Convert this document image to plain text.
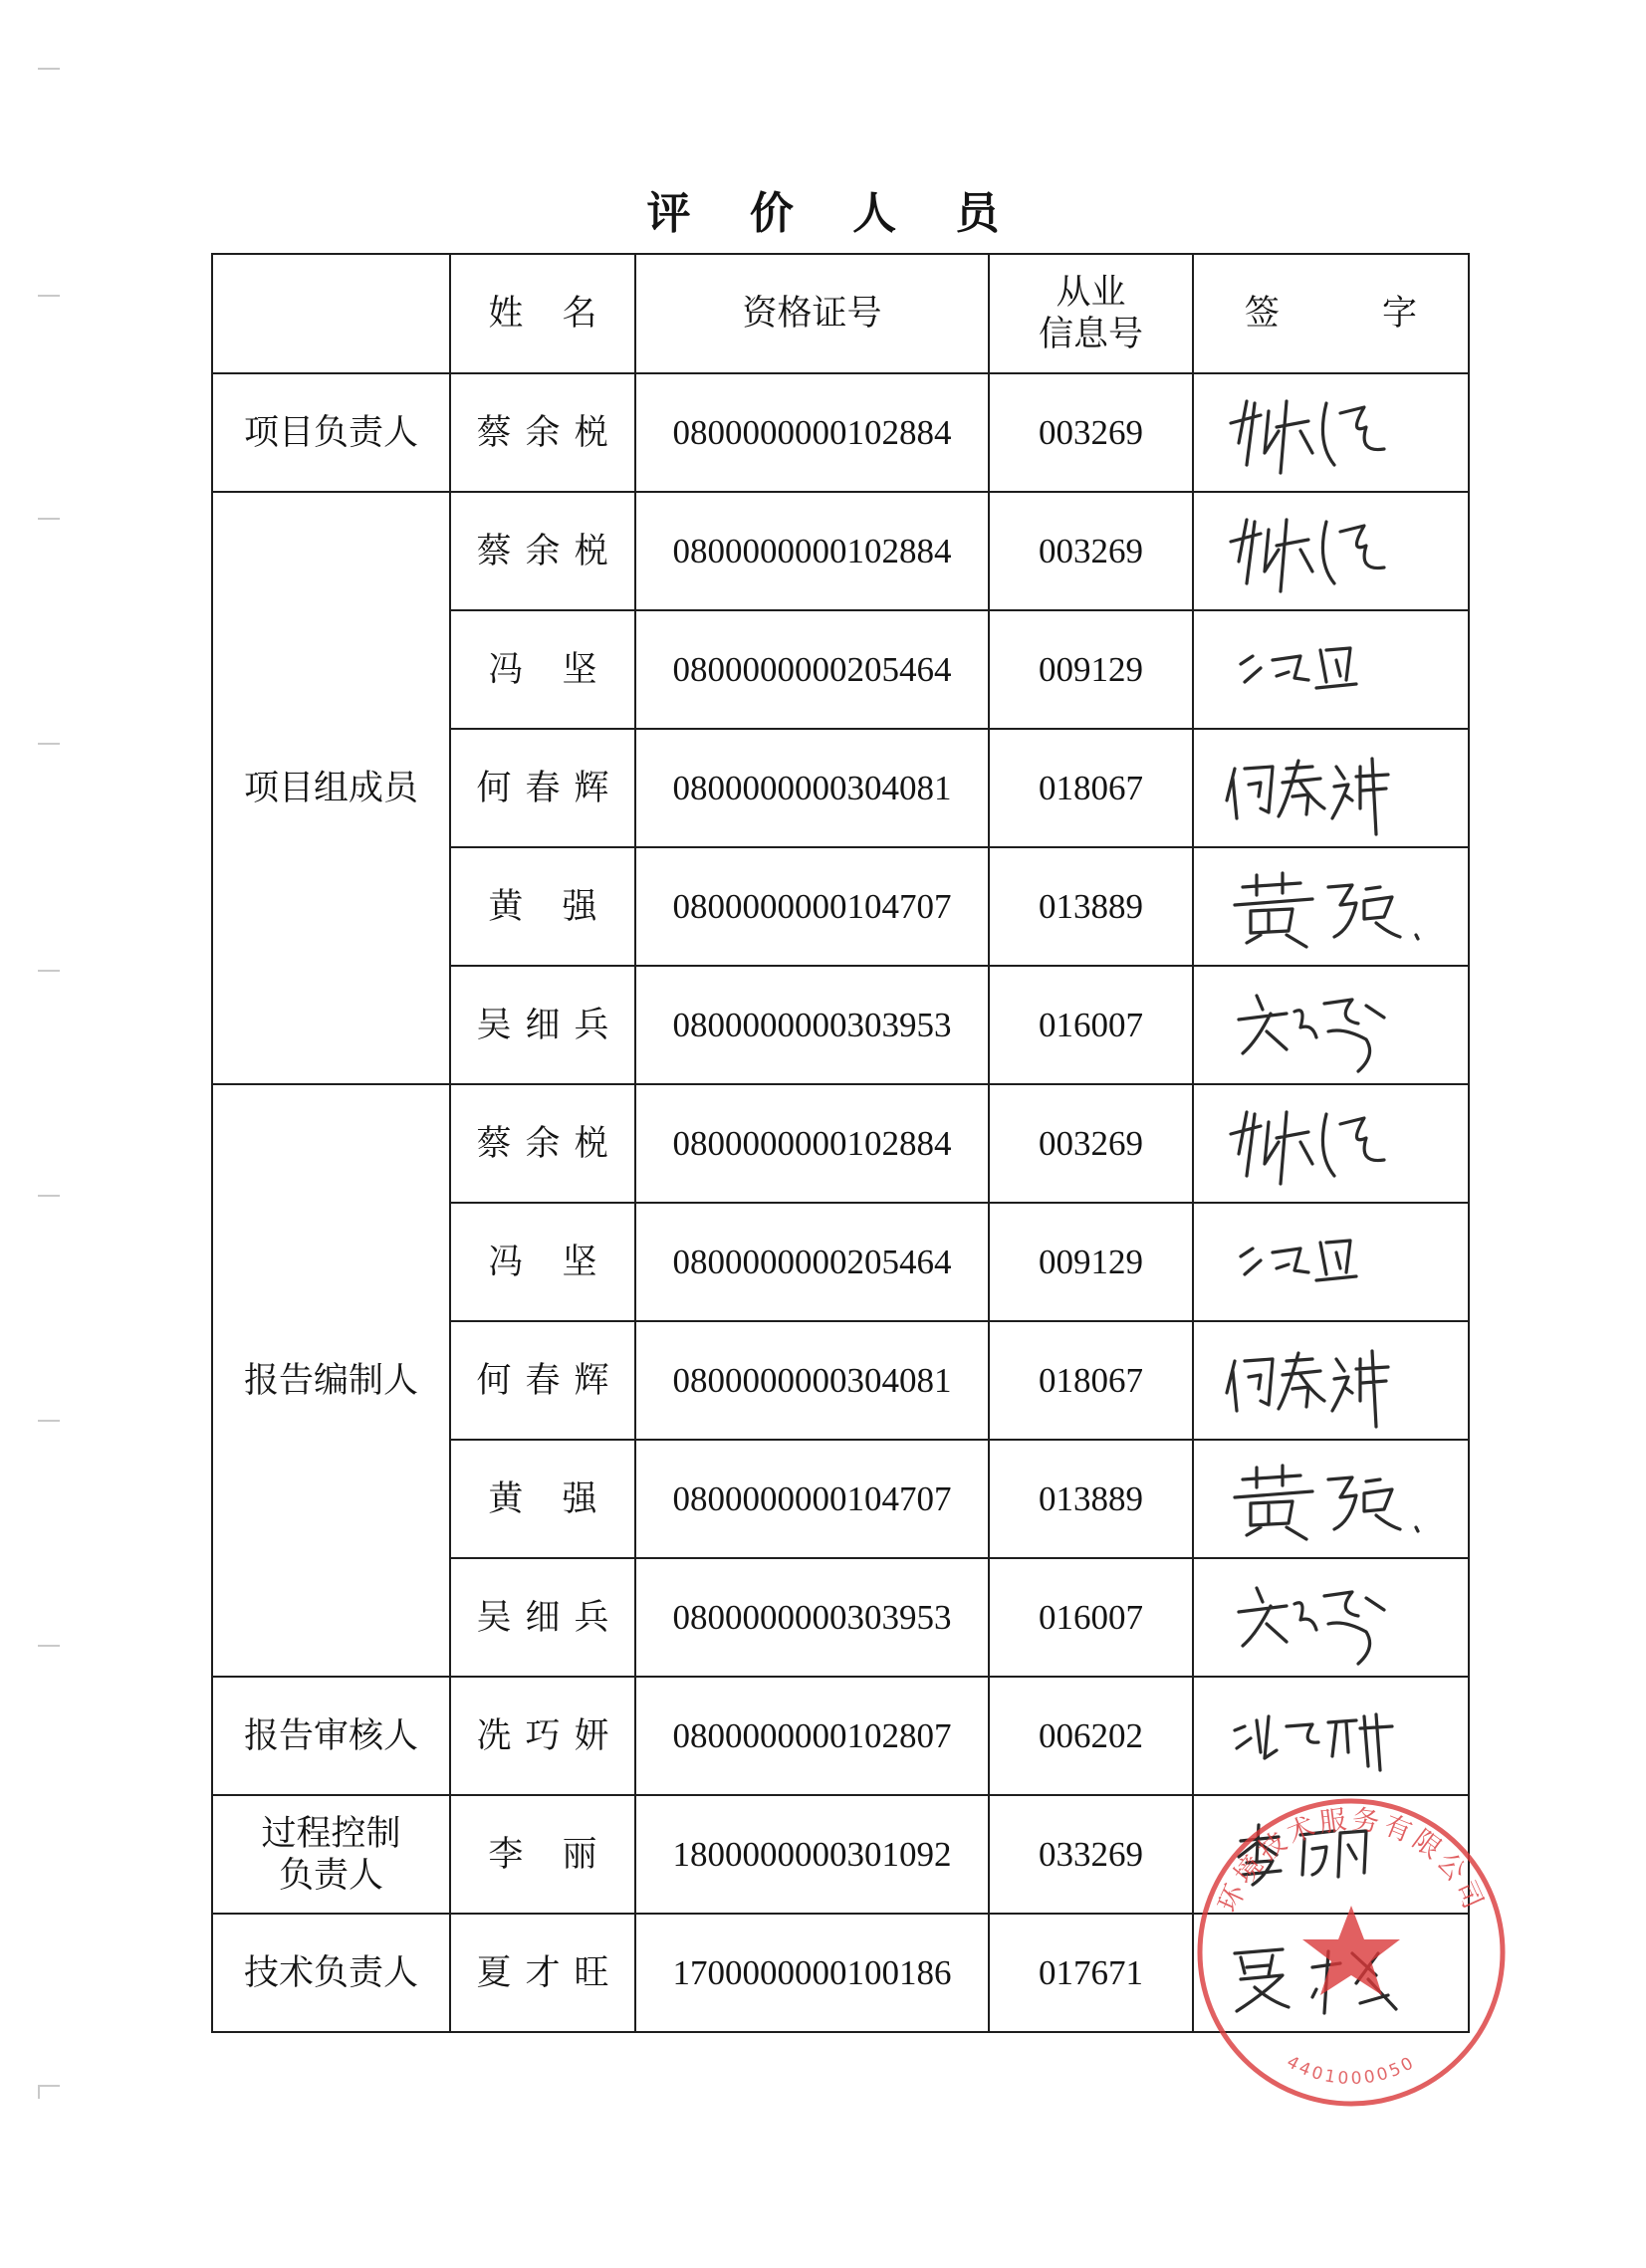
评 价 人 员
	姓 名	资格证号	从业
信息号	签 字
项目负责人	蔡余棁	0800000000102884	003269	

项目组成员	蔡余棁	0800000000102884	003269	

	冯 坚	0800000000205464	009129	

	何春辉	0800000000304081	018067	

	黄 强	0800000000104707	013889	

	吴细兵	0800000000303953	016007	

报告编制人	蔡余棁	0800000000102884	003269	

	冯 坚	0800000000205464	009129	

	何春辉	0800000000304081	018067	

	黄 强	0800000000104707	013889	

	吴细兵	0800000000303953	016007	

报告审核人	冼巧妍	0800000000102807	006202	

过程控制
负责人	李 丽	1800000000301092	033269	

技术负责人	夏才旺	1700000000100186	017671	
环境技术服务有限公司
4401000050
